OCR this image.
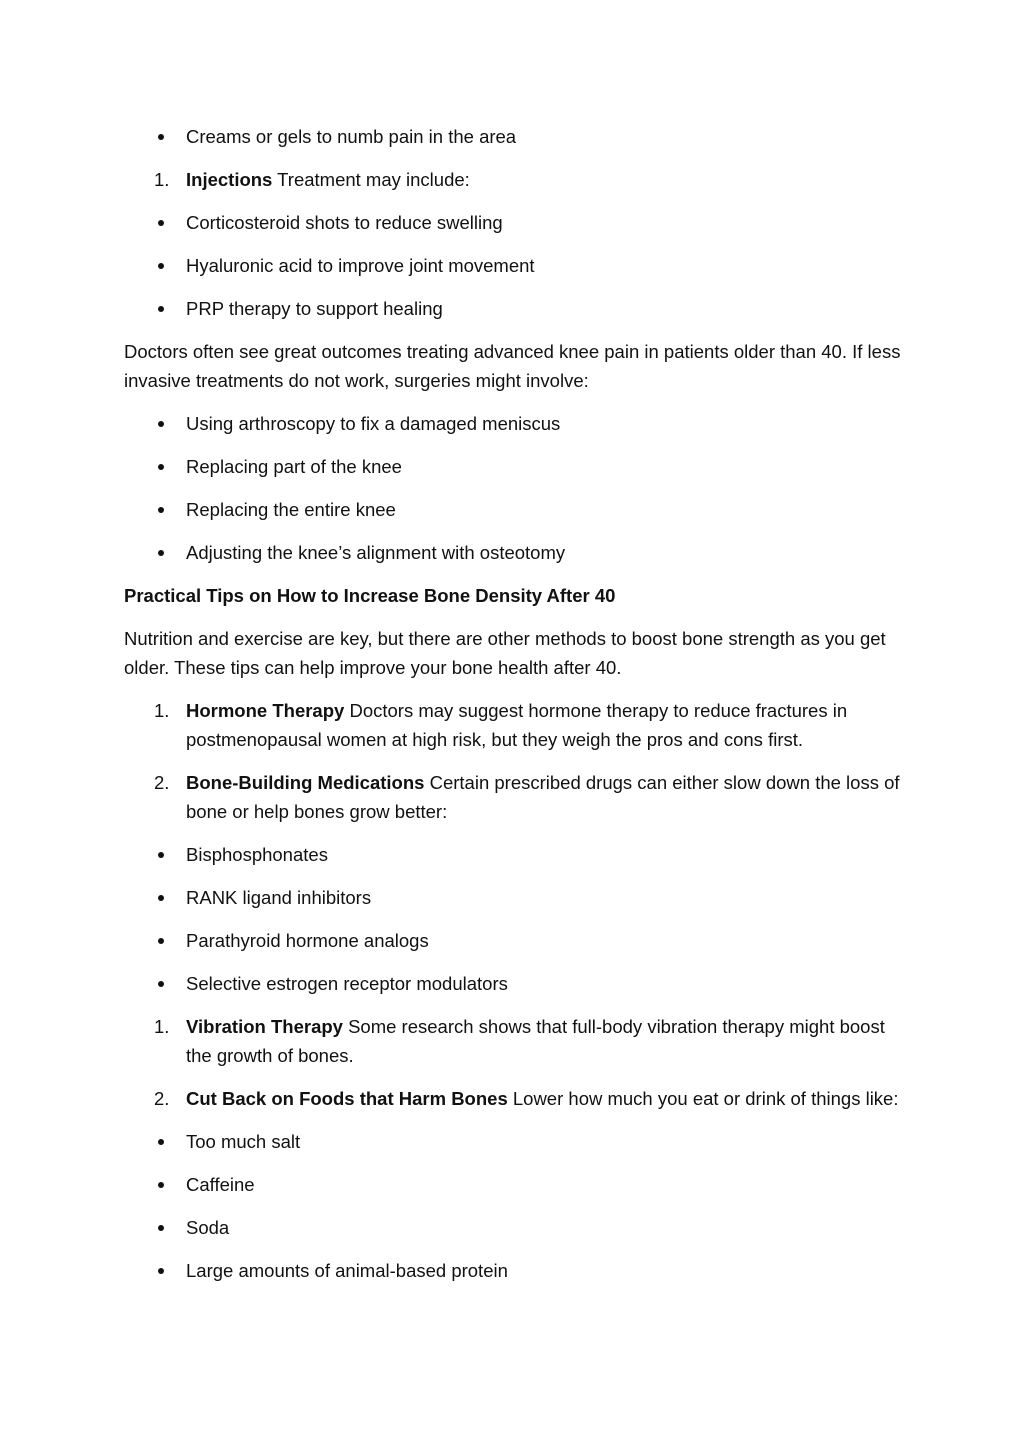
Creams or gels to numb pain in the area
1. Injections Treatment may include:
Corticosteroid shots to reduce swelling
Hyaluronic acid to improve joint movement
PRP therapy to support healing
Doctors often see great outcomes treating advanced knee pain in patients older than 40. If less invasive treatments do not work, surgeries might involve:
Using arthroscopy to fix a damaged meniscus
Replacing part of the knee
Replacing the entire knee
Adjusting the knee’s alignment with osteotomy
Practical Tips on How to Increase Bone Density After 40
Nutrition and exercise are key, but there are other methods to boost bone strength as you get older. These tips can help improve your bone health after 40.
1. Hormone Therapy Doctors may suggest hormone therapy to reduce fractures in postmenopausal women at high risk, but they weigh the pros and cons first.
2. Bone-Building Medications Certain prescribed drugs can either slow down the loss of bone or help bones grow better:
Bisphosphonates
RANK ligand inhibitors
Parathyroid hormone analogs
Selective estrogen receptor modulators
1. Vibration Therapy Some research shows that full-body vibration therapy might boost the growth of bones.
2. Cut Back on Foods that Harm Bones Lower how much you eat or drink of things like:
Too much salt
Caffeine
Soda
Large amounts of animal-based protein
